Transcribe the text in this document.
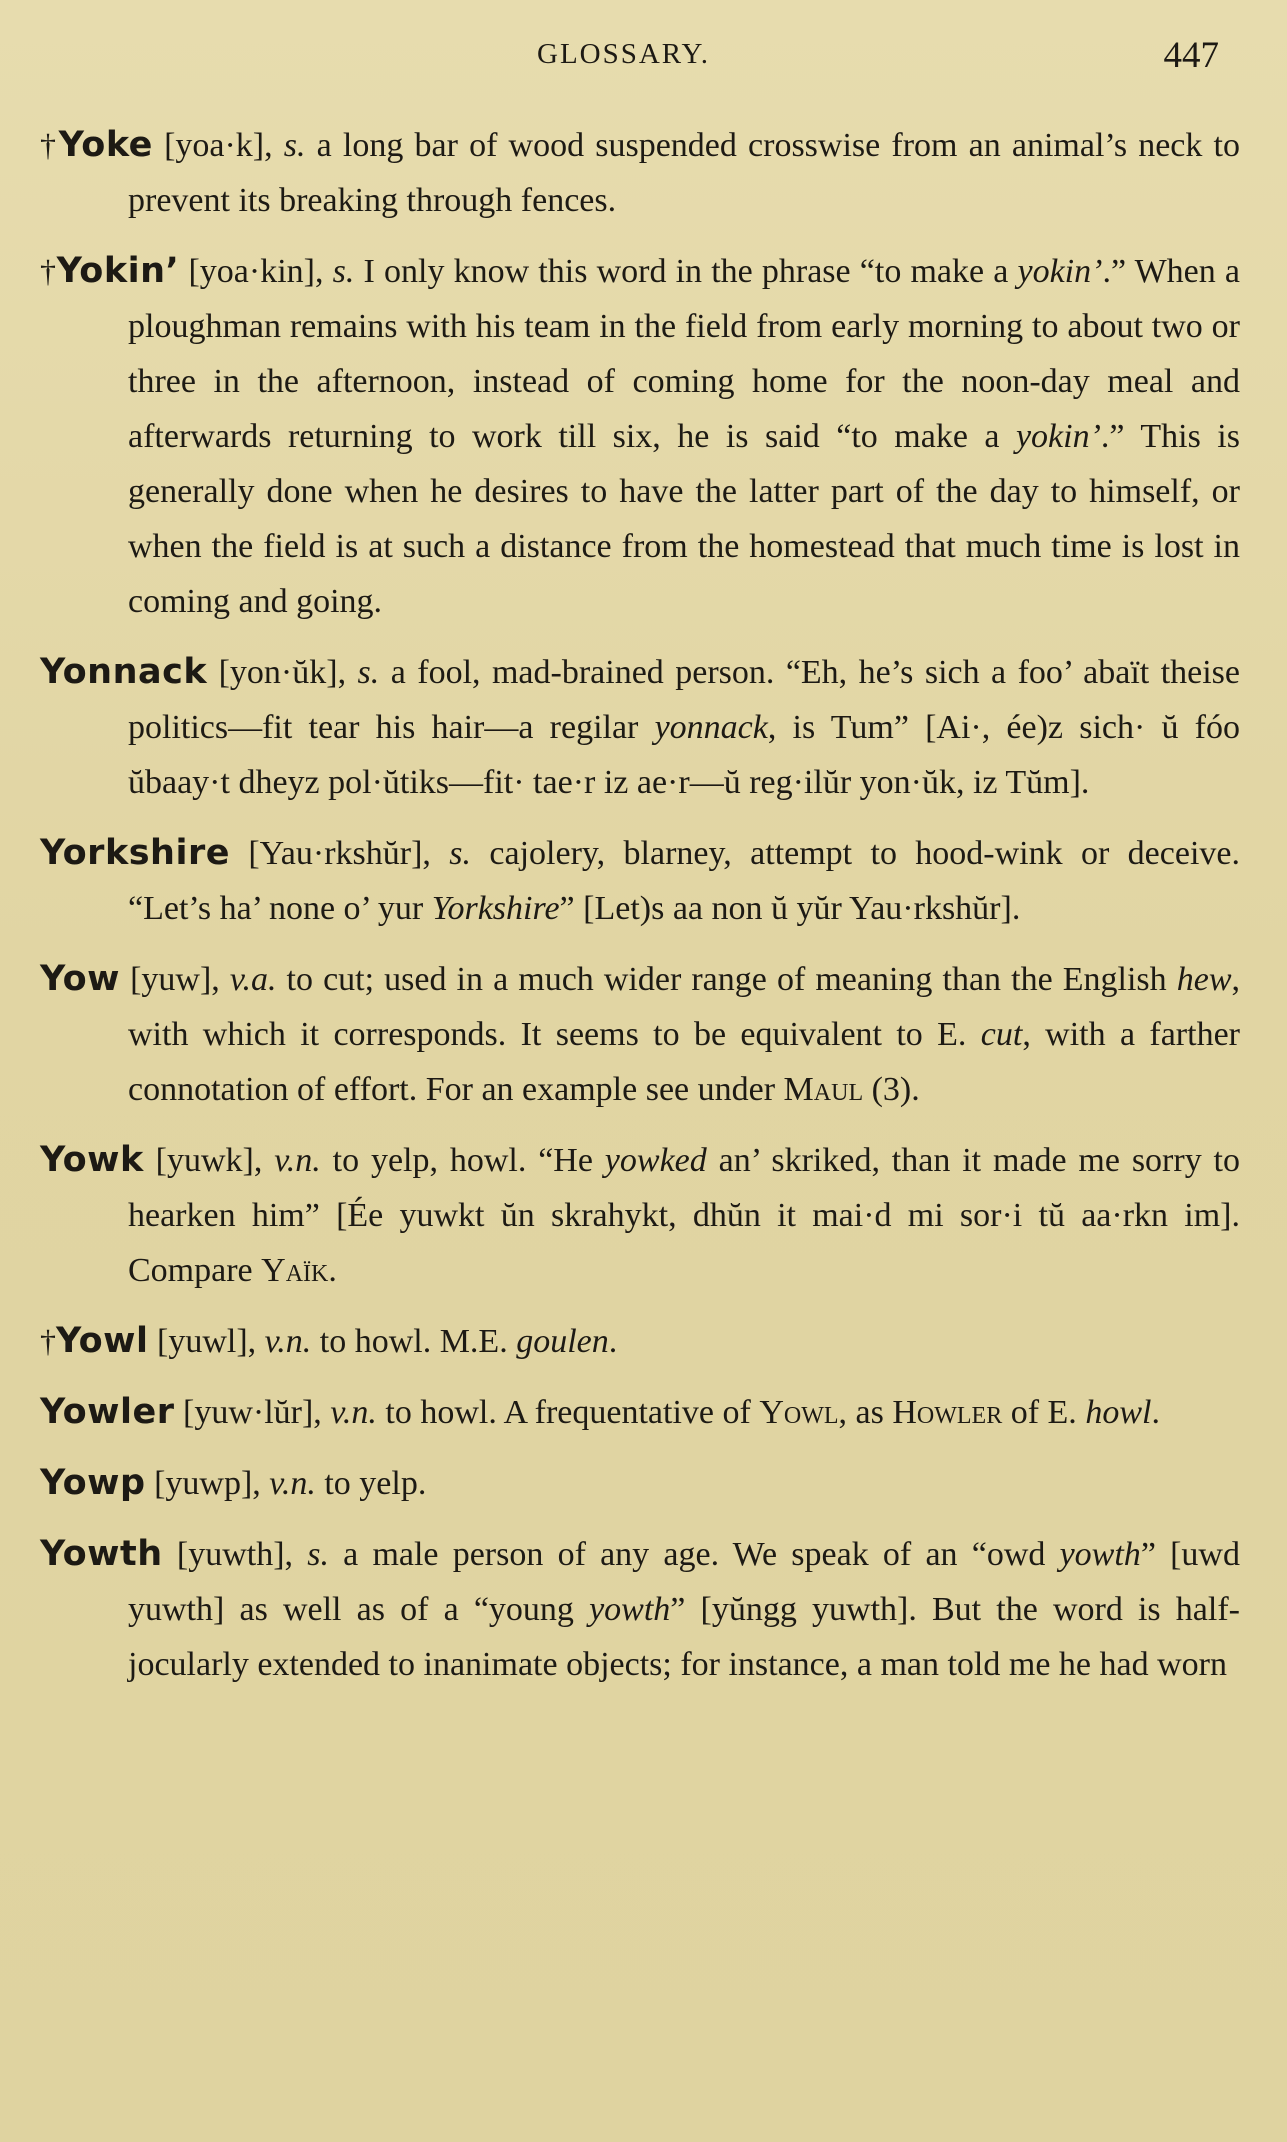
GLOSSARY.	447

†Yoke [yoa·k], s. a long bar of wood suspended crosswise from an animal’s neck to prevent its breaking through fences.

†Yokin’ [yoa·kin], s. I only know this word in the phrase “to make a yokin’.” When a ploughman remains with his team in the field from early morning to about two or three in the afternoon, instead of coming home for the noon-day meal and afterwards returning to work till six, he is said “to make a yokin’.” This is generally done when he desires to have the latter part of the day to himself, or when the field is at such a distance from the homestead that much time is lost in coming and going.

Yonnack [yon·ŭk], s. a fool, mad-brained person. “Eh, he’s sich a foo’ abaït theise politics—fit tear his hair—a regilar yonnack, is Tum” [Ai·, ée)z sich· ŭ fóo ŭbaay·t dheyz pol·ŭtiks—fit· tae·r iz ae·r—ŭ reg·ilŭr yon·ŭk, iz Tŭm].

Yorkshire [Yau·rkshŭr], s. cajolery, blarney, attempt to hood-wink or deceive. “Let’s ha’ none o’ yur Yorkshire” [Let)s aa non ŭ yŭr Yau·rkshŭr].

Yow [yuw], v.a. to cut; used in a much wider range of meaning than the English hew, with which it corresponds. It seems to be equivalent to E. cut, with a farther connotation of effort. For an example see under Maul (3).

Yowk [yuwk], v.n. to yelp, howl. “He yowked an’ skriked, than it made me sorry to hearken him” [Ée yuwkt ŭn skrahykt, dhŭn it mai·d mi sor·i tŭ aa·rkn im]. Compare Yaïk.

†Yowl [yuwl], v.n. to howl. M.E. goulen.

Yowler [yuw·lŭr], v.n. to howl. A frequentative of Yowl, as Howler of E. howl.

Yowp [yuwp], v.n. to yelp.

Yowth [yuwth], s. a male person of any age. We speak of an “owd yowth” [uwd yuwth] as well as of a “young yowth” [yŭngg yuwth]. But the word is half-jocularly extended to inanimate objects; for instance, a man told me he had worn
